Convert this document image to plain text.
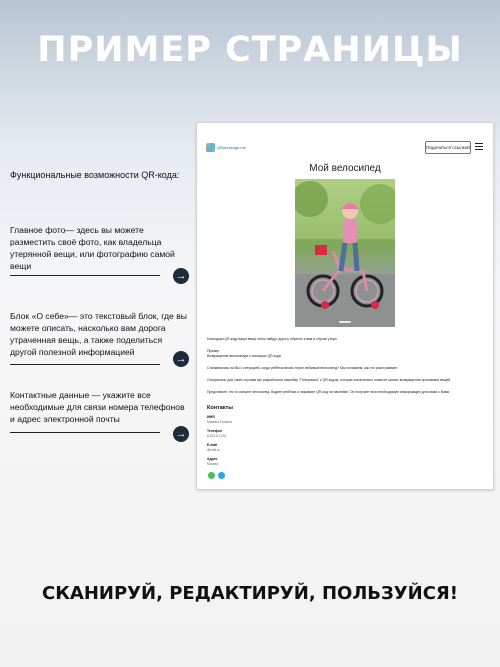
ПРИМЕР СТРАНИЦЫ
Функциональные возможности QR-кода:
Главное фото— здесь вы можете разместить своё фото, как владельца утерянной вещи, или фотографию самой вещи
→
Блок «О себе»— это текстовый блок, где вы можете описать, насколько вам дорога утраченная вещь, а также поделиться другой полезной информацией
→
Контактные данные — укажите все необходимые для связи номера телефонов и адрес электронной почты
→
QRmessage.me	Поделиться ссылкой
Мой велосипед
Благодаря QR-коду ваши вещи легко найдут дорогу обратно к вам в случае утери.
Пример
Возвращение велосипеда с помощью QR кода
Сталкивались ли Вы с ситуацией, когда ребёнок вновь терял любимый велосипед? Мы понимаем, как это расстраивает.
Специально для таких случаев мы разработали наклейку "Потеряшка" с QR-кодом, которая значительно повысит шансы возвращения пропавших вещей.
Представьте: это то концепт велосипед. Водите ребёнка и нажимает QR-код на наклейке. Он получает всю необходимую информацию для связи с Вами.
Контакты
ИМЯ
Мамина Татьяна
Телефон
8-912-8-1234
E-mail
@mail.ru
Адрес
Москва
СКАНИРУЙ, РЕДАКТИРУЙ, ПОЛЬЗУЙСЯ!
